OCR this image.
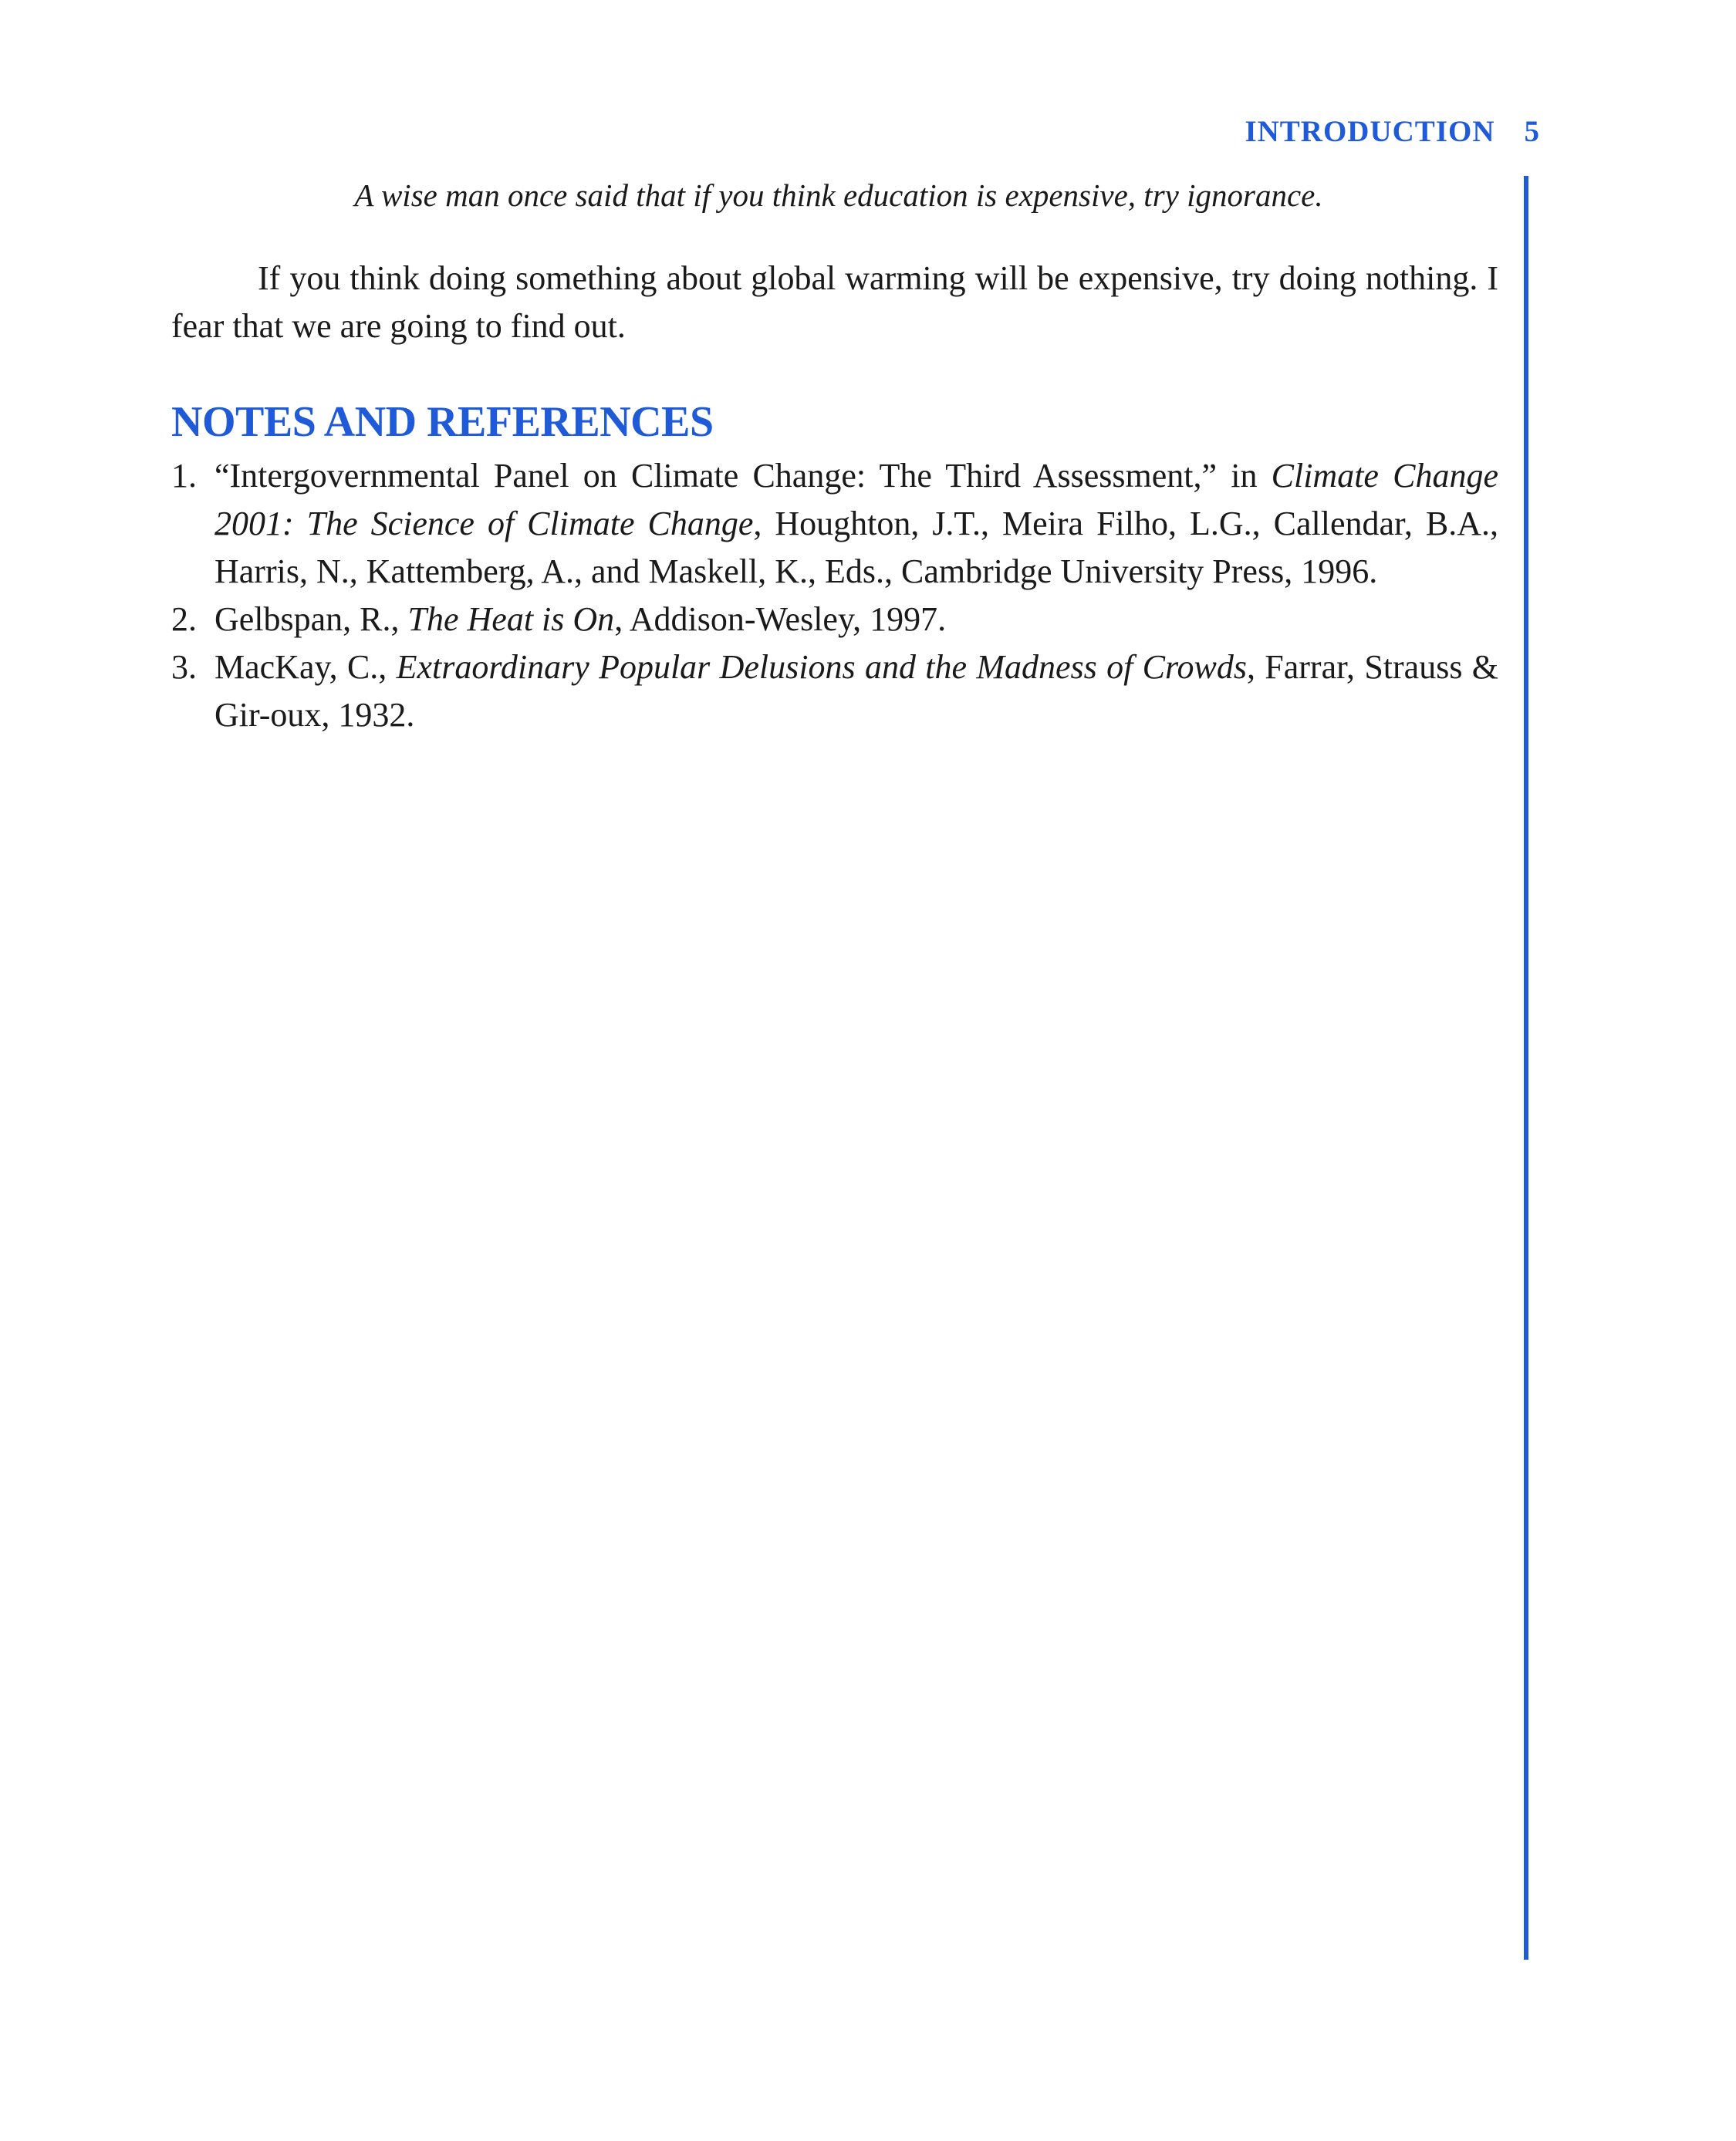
INTRODUCTION 5

A wise man once said that if you think education is expensive, try ignorance.

If you think doing something about global warming will be expensive, try doing nothing. I fear that we are going to find out.

NOTES AND REFERENCES
1. “Intergovernmental Panel on Climate Change: The Third Assessment,” in Climate Change 2001: The Science of Climate Change, Houghton, J.T., Meira Filho, L.G., Callendar, B.A., Harris, N., Kattemberg, A., and Maskell, K., Eds., Cambridge University Press, 1996.
2. Gelbspan, R., The Heat is On, Addison-Wesley, 1997.
3. MacKay, C., Extraordinary Popular Delusions and the Madness of Crowds, Farrar, Strauss & Gir-oux, 1932.
